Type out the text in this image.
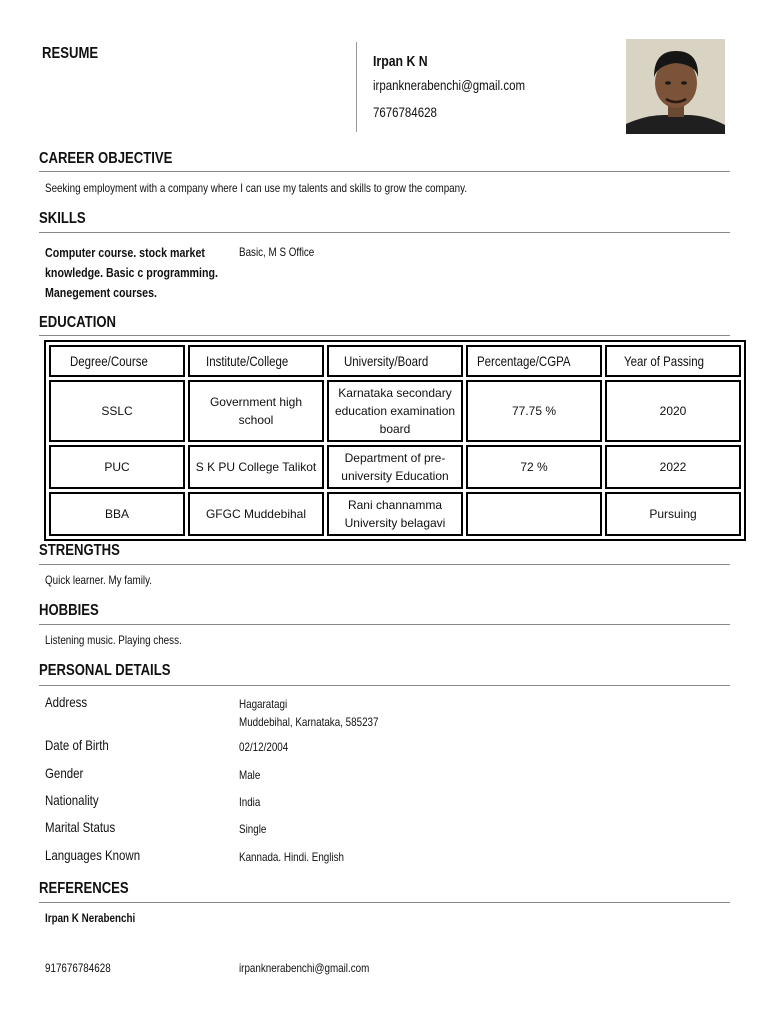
RESUME	Irpan K N
irpanknerabenchi@gmail.com
7676784628
CAREER OBJECTIVE
Seeking employment with a company where I can use my talents and skills to grow the company.
SKILLS
Computer course. stock market
knowledge. Basic c programming.
Manegement courses.
Basic, M S Office
EDUCATION
Degree/Course	Institute/College	University/Board	Percentage/CGPA	Year of Passing
SSLC	Government high school	Karnataka secondary education examination board	77.75 %	2020
PUC	S K PU College Talikot	Department of pre-university Education	72 %	2022
BBA	GFGC Muddebihal	Rani channamma University belagavi		Pursuing
STRENGTHS
Quick learner. My family.
HOBBIES
Listening music. Playing chess.
PERSONAL DETAILS
Address	Hagaratagi
Muddebihal, Karnataka, 585237
Date of Birth	02/12/2004
Gender	Male
Nationality	India
Marital Status	Single
Languages Known	Kannada. Hindi. English
REFERENCES
Irpan K Nerabenchi
917676784628	irpanknerabenchi@gmail.com
